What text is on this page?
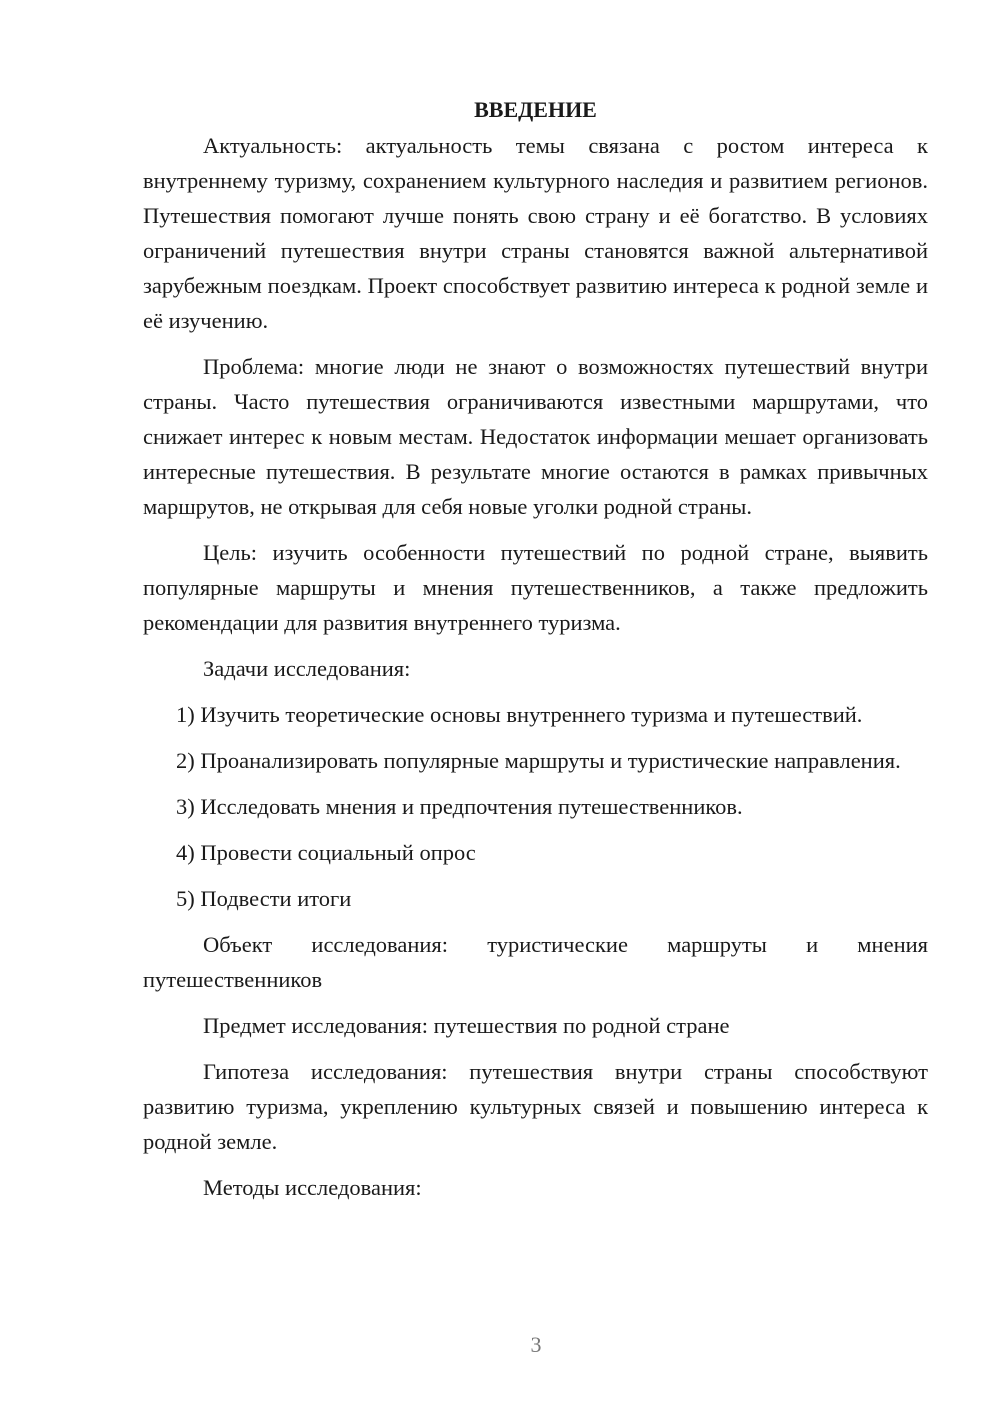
ВВЕДЕНИЕ

Актуальность: актуальность темы связана с ростом интереса к внутреннему туризму, сохранением культурного наследия и развитием регионов. Путешествия помогают лучше понять свою страну и её богатство. В условиях ограничений путешествия внутри страны становятся важной альтернативой зарубежным поездкам. Проект способствует развитию интереса к родной земле и её изучению.

Проблема: многие люди не знают о возможностях путешествий внутри страны. Часто путешествия ограничиваются известными маршрутами, что снижает интерес к новым местам. Недостаток информации мешает организовать интересные путешествия. В результате многие остаются в рамках привычных маршрутов, не открывая для себя новые уголки родной страны.

Цель: изучить особенности путешествий по родной стране, выявить популярные маршруты и мнения путешественников, а также предложить рекомендации для развития внутреннего туризма.

Задачи исследования:

1) Изучить теоретические основы внутреннего туризма и путешествий.

2) Проанализировать популярные маршруты и туристические направления.

3) Исследовать мнения и предпочтения путешественников.

4) Провести социальный опрос

5) Подвести итоги

Объект исследования: туристические маршруты и мнения путешественников

Предмет исследования: путешествия по родной стране

Гипотеза исследования: путешествия внутри страны способствуют развитию туризма, укреплению культурных связей и повышению интереса к родной земле.

Методы исследования:

3
